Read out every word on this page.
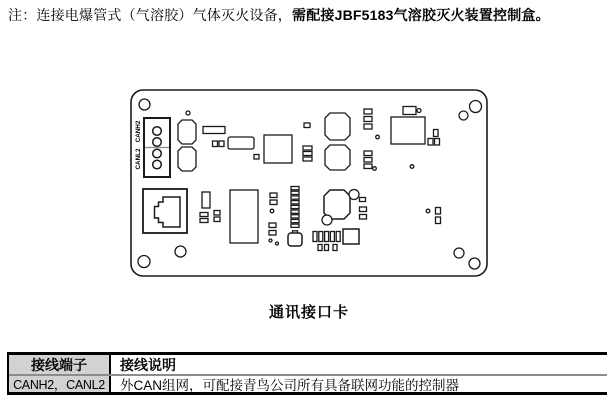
注：连接电爆管式（气溶胶）气体灭火设备，需配接JBF5183气溶胶灭火装置控制盒。

CANH2
CANL2
通讯接口卡
接线端子	接线说明
CANH2，CANL2	外CAN组网，可配接青鸟公司所有具备联网功能的控制器
